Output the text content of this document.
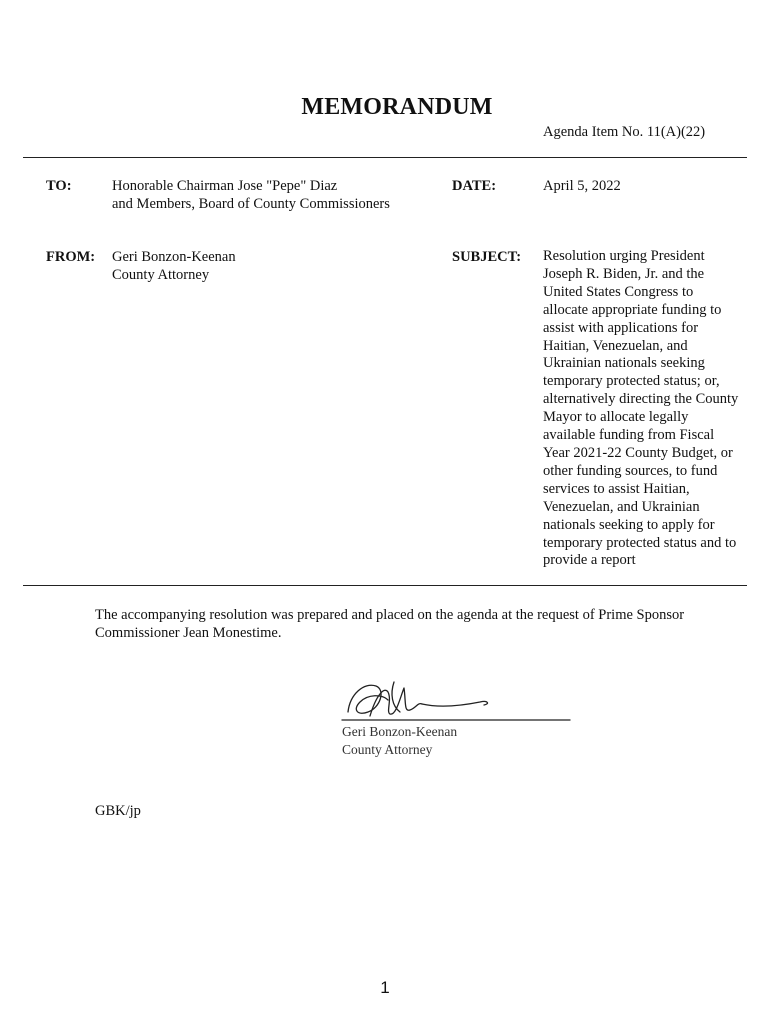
MEMORANDUM
Agenda Item No. 11(A)(22)
TO:	Honorable Chairman Jose "Pepe" Diaz
and Members, Board of County Commissioners
DATE:	April 5, 2022
FROM: Geri Bonzon-Keenan
County Attorney
SUBJECT: Resolution urging President
Joseph R. Biden, Jr. and the
United States Congress to
allocate appropriate funding to
assist with applications for
Haitian, Venezuelan, and
Ukrainian nationals seeking
temporary protected status; or,
alternatively directing the County
Mayor to allocate legally
available funding from Fiscal
Year 2021-22 County Budget, or
other funding sources, to fund
services to assist Haitian,
Venezuelan, and Ukrainian
nationals seeking to apply for
temporary protected status and to
provide a report
The accompanying resolution was prepared and placed on the agenda at the request of Prime Sponsor
Commissioner Jean Monestime.
Geri Bonzon-Keenan
County Attorney
GBK/jp
1
